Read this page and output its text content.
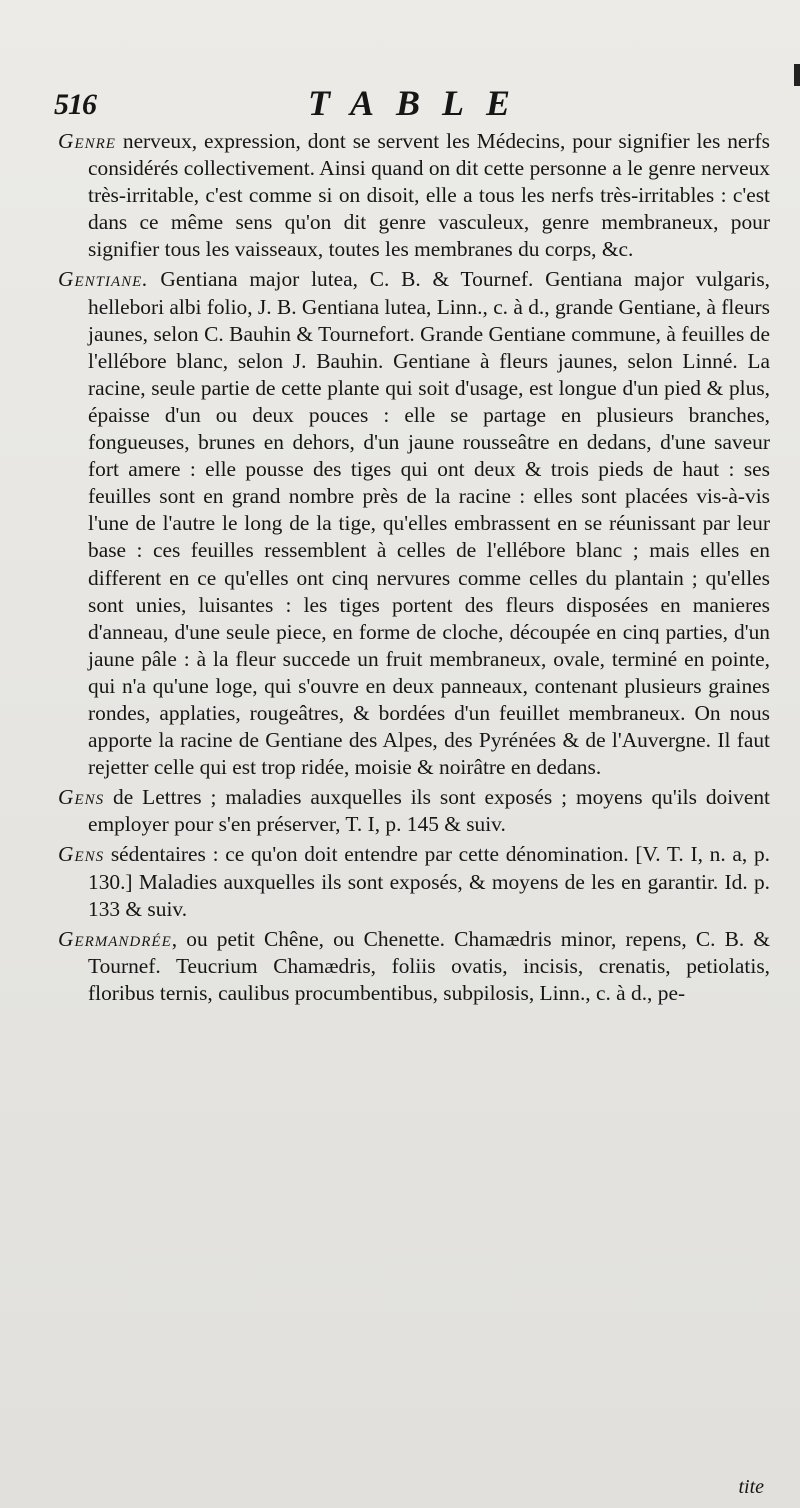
516	TABLE

Genre nerveux, expression, dont se servent les Médecins, pour signifier les nerfs considérés collectivement. Ainsi quand on dit cette personne a le genre nerveux très-irritable, c'est comme si on disoit, elle a tous les nerfs très-irritables : c'est dans ce même sens qu'on dit genre vasculeux, genre membraneux, pour signifier tous les vaisseaux, toutes les membranes du corps, &c.

Gentiane. Gentiana major lutea, C. B. & Tournef. Gentiana major vulgaris, hellebori albi folio, J. B. Gentiana lutea, Linn., c. à d., grande Gentiane, à fleurs jaunes, selon C. Bauhin & Tournefort. Grande Gentiane commune, à feuilles de l'ellébore blanc, selon J. Bauhin. Gentiane à fleurs jaunes, selon Linné. La racine, seule partie de cette plante qui soit d'usage, est longue d'un pied & plus, épaisse d'un ou deux pouces : elle se partage en plusieurs branches, fongueuses, brunes en dehors, d'un jaune rousseâtre en dedans, d'une saveur fort amere : elle pousse des tiges qui ont deux & trois pieds de haut : ses feuilles sont en grand nombre près de la racine : elles sont placées vis-à-vis l'une de l'autre le long de la tige, qu'elles embrassent en se réunissant par leur base : ces feuilles ressemblent à celles de l'ellébore blanc ; mais elles en different en ce qu'elles ont cinq nervures comme celles du plantain ; qu'elles sont unies, luisantes : les tiges portent des fleurs disposées en manieres d'anneau, d'une seule piece, en forme de cloche, découpée en cinq parties, d'un jaune pâle : à la fleur succede un fruit membraneux, ovale, terminé en pointe, qui n'a qu'une loge, qui s'ouvre en deux panneaux, contenant plusieurs graines rondes, applaties, rougeâtres, & bordées d'un feuillet membraneux. On nous apporte la racine de Gentiane des Alpes, des Pyrénées & de l'Auvergne. Il faut rejetter celle qui est trop ridée, moisie & noirâtre en dedans.

Gens de Lettres ; maladies auxquelles ils sont exposés ; moyens qu'ils doivent employer pour s'en préserver, T. I, p. 145 & suiv.

Gens sédentaires : ce qu'on doit entendre par cette dénomination. [V. T. I, n. a, p. 130.] Maladies auxquelles ils sont exposés, & moyens de les en garantir. Id. p. 133 & suiv.

Germandrée, ou petit Chêne, ou Chenette. Chamædris minor, repens, C. B. & Tournef. Teucrium Chamædris, foliis ovatis, incisis, crenatis, petiolatis, floribus ternis, caulibus procumbentibus, subpilosis, Linn., c. à d., pe-

tite
